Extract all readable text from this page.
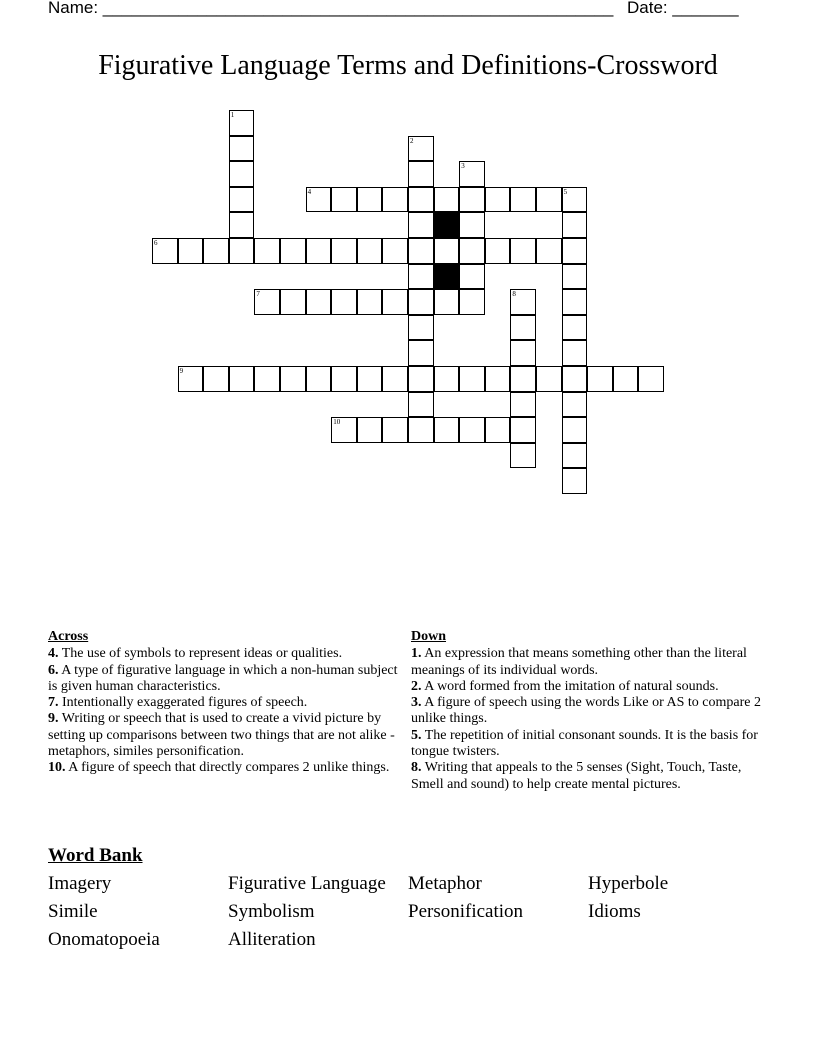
Name: ______________________________________________________ Date: _______
Figurative Language Terms and Definitions-Crossword
1
2
3
4	5
6
7	8
9
10
Across
4. The use of symbols to represent ideas or qualities.
6. A type of figurative language in which a non-human subject is given human characteristics.
7. Intentionally exaggerated figures of speech.
9. Writing or speech that is used to create a vivid picture by setting up comparisons between two things that are not alike - metaphors, similes personification.
10. A figure of speech that directly compares 2 unlike things.
Down
1. An expression that means something other than the literal meanings of its individual words.
2. A word formed from the imitation of natural sounds.
3. A figure of speech using the words Like or AS to compare 2 unlike things.
5. The repetition of initial consonant sounds. It is the basis for tongue twisters.
8. Writing that appeals to the 5 senses (Sight, Touch, Taste, Smell and sound) to help create mental pictures.
Word Bank
Imagery	Figurative Language	Metaphor	Hyperbole
Simile	Symbolism	Personification	Idioms
Onomatopoeia	Alliteration
